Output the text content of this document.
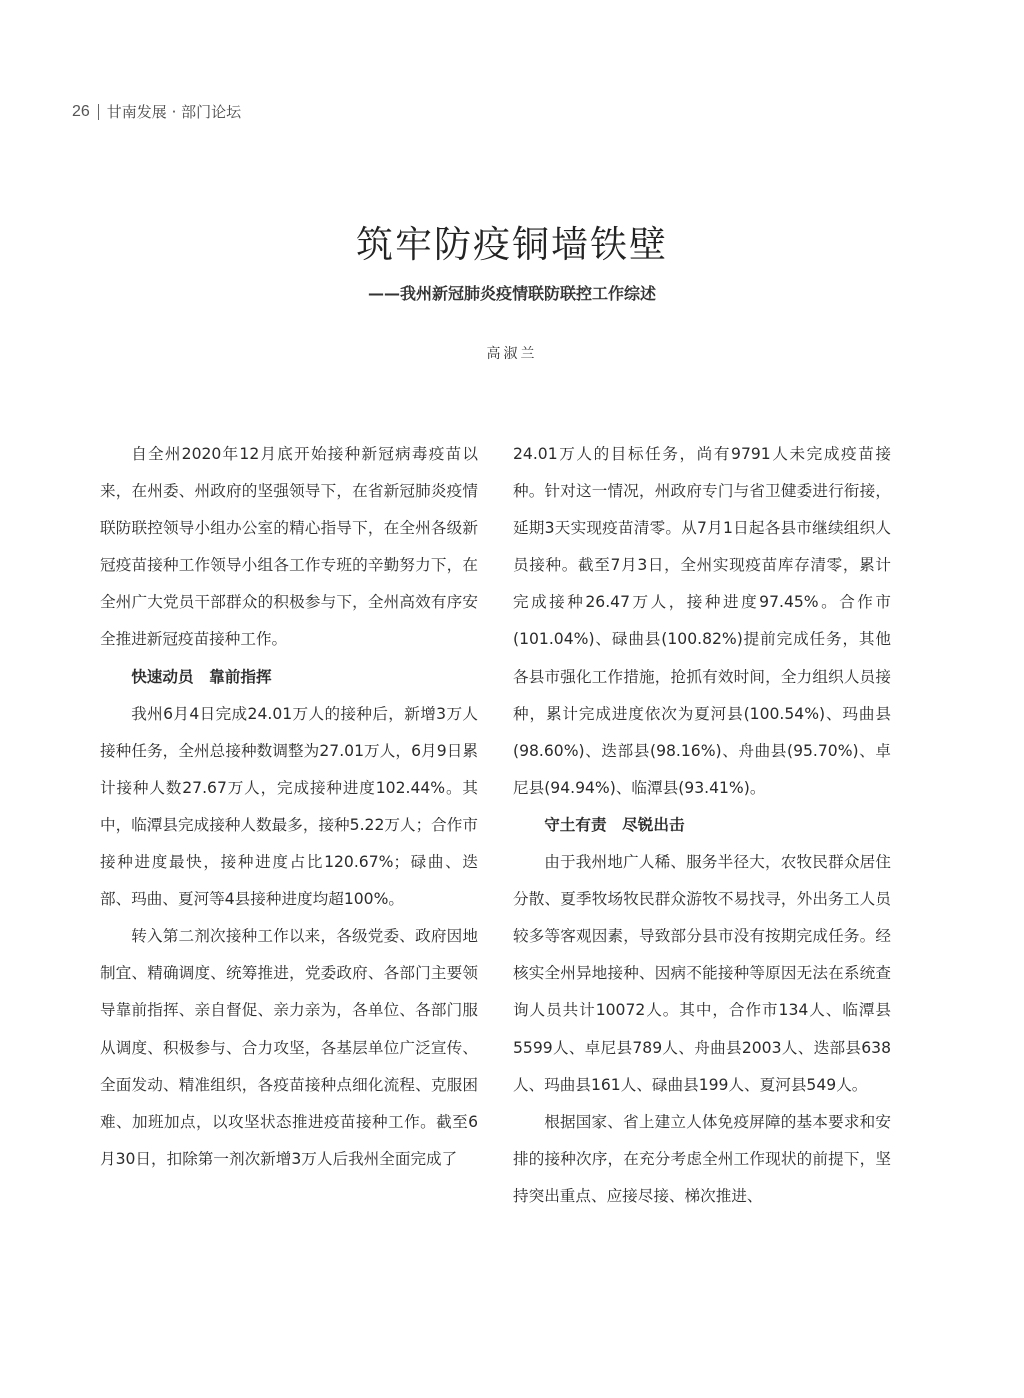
26 甘南发展 · 部门论坛
筑牢防疫铜墙铁壁
——我州新冠肺炎疫情联防联控工作综述
高淑兰

自全州2020年12月底开始接种新冠病毒疫苗以来，在州委、州政府的坚强领导下，在省新冠肺炎疫情联防联控领导小组办公室的精心指导下，在全州各级新冠疫苗接种工作领导小组各工作专班的辛勤努力下，在全州广大党员干部群众的积极参与下，全州高效有序安全推进新冠疫苗接种工作。

快速动员　靠前指挥

我州6月4日完成24.01万人的接种后，新增3万人接种任务，全州总接种数调整为27.01万人，6月9日累计接种人数27.67万人，完成接种进度102.44%。其中，临潭县完成接种人数最多，接种5.22万人；合作市接种进度最快，接种进度占比120.67%；碌曲、迭部、玛曲、夏河等4县接种进度均超100%。

转入第二剂次接种工作以来，各级党委、政府因地制宜、精确调度、统筹推进，党委政府、各部门主要领导靠前指挥、亲自督促、亲力亲为，各单位、各部门服从调度、积极参与、合力攻坚，各基层单位广泛宣传、全面发动、精准组织，各疫苗接种点细化流程、克服困难、加班加点，以攻坚状态推进疫苗接种工作。截至6月30日，扣除第一剂次新增3万人后我州全面完成了

24.01万人的目标任务，尚有9791人未完成疫苗接种。针对这一情况，州政府专门与省卫健委进行衔接，延期3天实现疫苗清零。从7月1日起各县市继续组织人员接种。截至7月3日，全州实现疫苗库存清零，累计完成接种26.47万人，接种进度97.45%。合作市(101.04%)、碌曲县(100.82%)提前完成任务，其他各县市强化工作措施，抢抓有效时间，全力组织人员接种，累计完成进度依次为夏河县(100.54%)、玛曲县(98.60%)、迭部县(98.16%)、舟曲县(95.70%)、卓尼县(94.94%)、临潭县(93.41%)。

守土有责　尽锐出击

由于我州地广人稀、服务半径大，农牧民群众居住分散、夏季牧场牧民群众游牧不易找寻，外出务工人员较多等客观因素，导致部分县市没有按期完成任务。经核实全州异地接种、因病不能接种等原因无法在系统查询人员共计10072人。其中，合作市134人、临潭县5599人、卓尼县789人、舟曲县2003人、迭部县638人、玛曲县161人、碌曲县199人、夏河县549人。

根据国家、省上建立人体免疫屏障的基本要求和安排的接种次序，在充分考虑全州工作现状的前提下，坚持突出重点、应接尽接、梯次推进、
